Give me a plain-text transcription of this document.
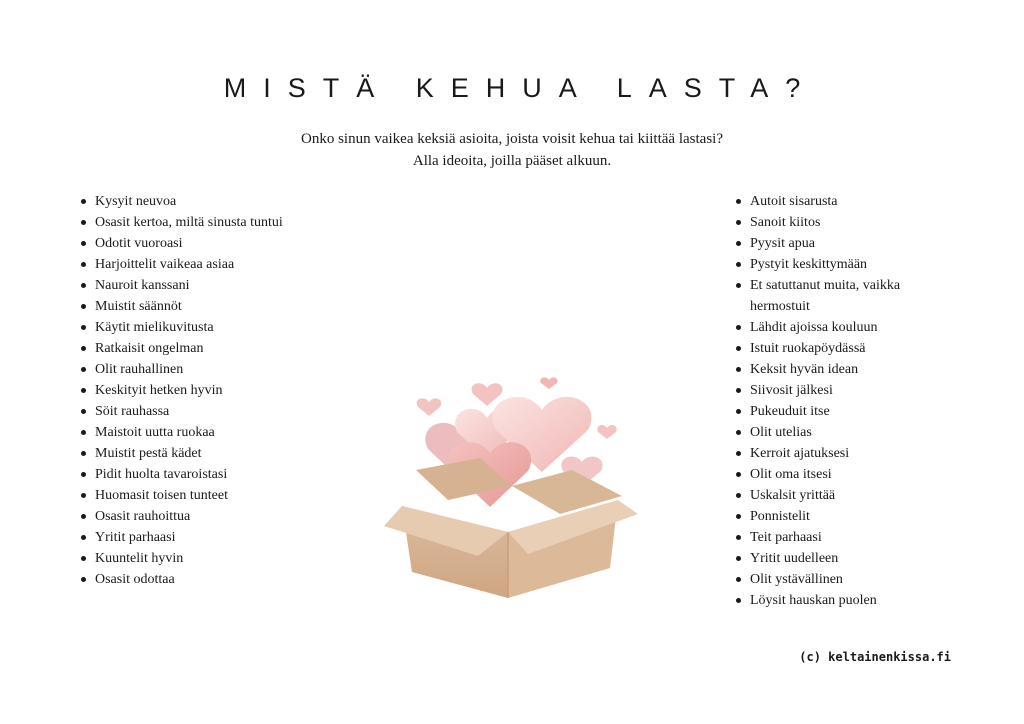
MISTÄ KEHUA LASTA?
Onko sinun vaikea keksiä asioita, joista voisit kehua tai kiittää lastasi?
Alla ideoita, joilla pääset alkuun.
Kysyit neuvoa
Osasit kertoa, miltä sinusta tuntui
Odotit vuoroasi
Harjoittelit vaikeaa asiaa
Nauroit kanssani
Muistit säännöt
Käytit mielikuvitusta
Ratkaisit ongelman
Olit rauhallinen
Keskityit hetken hyvin
Söit rauhassa
Maistoit uutta ruokaa
Muistit pestä kädet
Pidit huolta tavaroistasi
Huomasit toisen tunteet
Osasit rauhoittua
Yritit parhaasi
Kuuntelit hyvin
Osasit odottaa
Autoit sisarusta
Sanoit kiitos
Pyysit apua
Pystyit keskittymään
Et satuttanut muita, vaikka hermostuit
Lähdit ajoissa kouluun
Istuit ruokapöydässä
Keksit hyvän idean
Siivosit jälkesi
Pukeuduit itse
Olit utelias
Kerroit ajatuksesi
Olit oma itsesi
Uskalsit yrittää
Ponnistelit
Teit parhaasi
Yritit uudelleen
Olit ystävällinen
Löysit hauskan puolen
(c) keltainenkissa.fi
